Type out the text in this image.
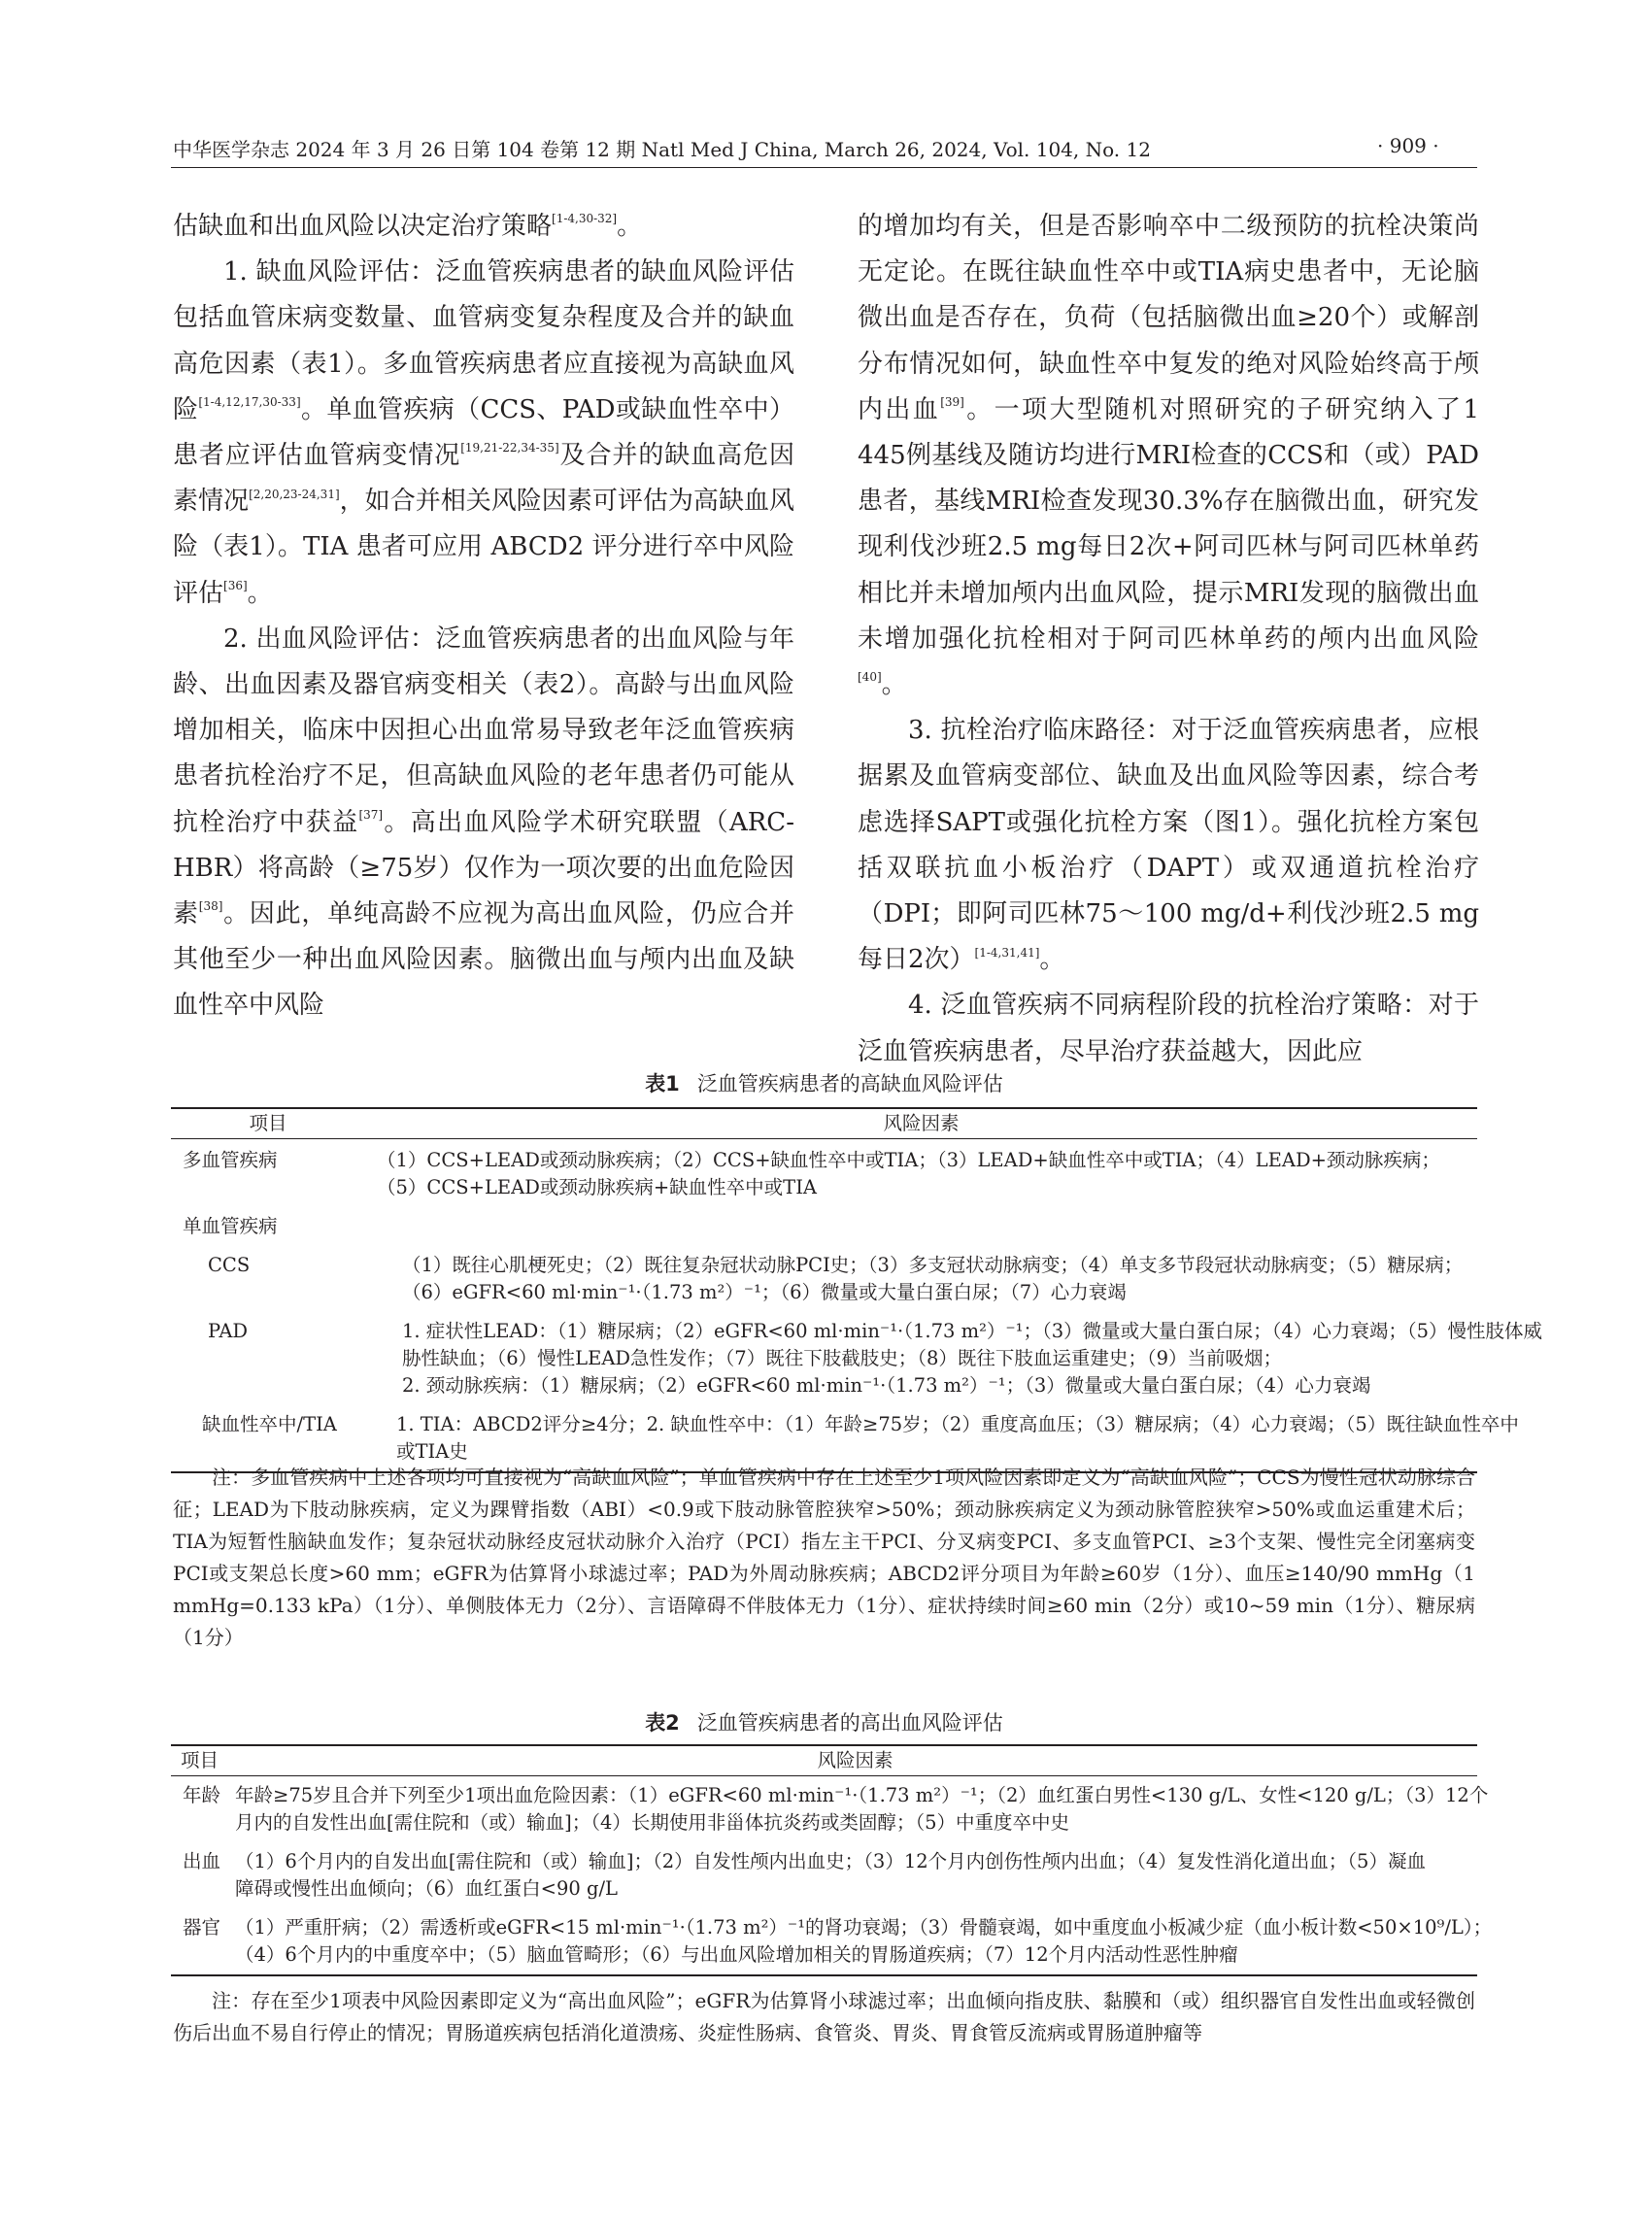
中华医学杂志 2024 年 3 月 26 日第 104 卷第 12 期 Natl Med J China, March 26, 2024, Vol. 104, No. 12	· 909 ·

估缺血和出血风险以决定治疗策略[1-4,30-32]。

1. 缺血风险评估：泛血管疾病患者的缺血风险评估包括血管床病变数量、血管病变复杂程度及合并的缺血高危因素（表1）。多血管疾病患者应直接视为高缺血风险[1-4,12,17,30-33]。单血管疾病（CCS、PAD或缺血性卒中）患者应评估血管病变情况[19,21-22,34-35]及合并的缺血高危因素情况[2,20,23-24,31]，如合并相关风险因素可评估为高缺血风险（表1）。TIA 患者可应用 ABCD2 评分进行卒中风险评估[36]。

2. 出血风险评估：泛血管疾病患者的出血风险与年龄、出血因素及器官病变相关（表2）。高龄与出血风险增加相关，临床中因担心出血常易导致老年泛血管疾病患者抗栓治疗不足，但高缺血风险的老年患者仍可能从抗栓治疗中获益[37]。高出血风险学术研究联盟（ARC-HBR）将高龄（≥75岁）仅作为一项次要的出血危险因素[38]。因此，单纯高龄不应视为高出血风险，仍应合并其他至少一种出血风险因素。脑微出血与颅内出血及缺血性卒中风险

的增加均有关，但是否影响卒中二级预防的抗栓决策尚无定论。在既往缺血性卒中或TIA病史患者中，无论脑微出血是否存在，负荷（包括脑微出血≥20个）或解剖分布情况如何，缺血性卒中复发的绝对风险始终高于颅内出血[39]。一项大型随机对照研究的子研究纳入了1 445例基线及随访均进行MRI检查的CCS和（或）PAD患者，基线MRI检查发现30.3%存在脑微出血，研究发现利伐沙班2.5 mg每日2次+阿司匹林与阿司匹林单药相比并未增加颅内出血风险，提示MRI发现的脑微出血未增加强化抗栓相对于阿司匹林单药的颅内出血风险[40]。

3. 抗栓治疗临床路径：对于泛血管疾病患者，应根据累及血管病变部位、缺血及出血风险等因素，综合考虑选择SAPT或强化抗栓方案（图1）。强化抗栓方案包括双联抗血小板治疗（DAPT）或双通道抗栓治疗（DPI；即阿司匹林75～100 mg/d+利伐沙班2.5 mg每日2次）[1-4,31,41]。

4. 泛血管疾病不同病程阶段的抗栓治疗策略：对于泛血管疾病患者，尽早治疗获益越大，因此应

表1 泛血管疾病患者的高缺血风险评估
项目	风险因素
多血管疾病	（1）CCS+LEAD或颈动脉疾病；（2）CCS+缺血性卒中或TIA；（3）LEAD+缺血性卒中或TIA；（4）LEAD+颈动脉疾病；
（5）CCS+LEAD或颈动脉疾病+缺血性卒中或TIA
单血管疾病
CCS	（1）既往心肌梗死史；（2）既往复杂冠状动脉PCI史；（3）多支冠状动脉病变；（4）单支多节段冠状动脉病变；（5）糖尿病；
（6）eGFR<60 ml·min⁻¹·（1.73 m²）⁻¹；（6）微量或大量白蛋白尿；（7）心力衰竭
PAD	1. 症状性LEAD：（1）糖尿病；（2）eGFR<60 ml·min⁻¹·（1.73 m²）⁻¹；（3）微量或大量白蛋白尿；（4）心力衰竭；（5）慢性肢体威
胁性缺血；（6）慢性LEAD急性发作；（7）既往下肢截肢史；（8）既往下肢血运重建史；（9）当前吸烟；
2. 颈动脉疾病：（1）糖尿病；（2）eGFR<60 ml·min⁻¹·（1.73 m²）⁻¹；（3）微量或大量白蛋白尿；（4）心力衰竭
缺血性卒中/TIA	1. TIA：ABCD2评分≥4分；2. 缺血性卒中：（1）年龄≥75岁；（2）重度高血压；（3）糖尿病；（4）心力衰竭；（5）既往缺血性卒中
或TIA史

注：多血管疾病中上述各项均可直接视为“高缺血风险”；单血管疾病中存在上述至少1项风险因素即定义为“高缺血风险”；CCS为慢性冠状动脉综合征；LEAD为下肢动脉疾病，定义为踝臂指数（ABI）<0.9或下肢动脉管腔狭窄>50%；颈动脉疾病定义为颈动脉管腔狭窄>50%或血运重建术后；TIA为短暂性脑缺血发作；复杂冠状动脉经皮冠状动脉介入治疗（PCI）指左主干PCI、分叉病变PCI、多支血管PCI、≥3个支架、慢性完全闭塞病变PCI或支架总长度>60 mm；eGFR为估算肾小球滤过率；PAD为外周动脉疾病；ABCD2评分项目为年龄≥60岁（1分）、血压≥140/90 mmHg（1 mmHg=0.133 kPa）（1分）、单侧肢体无力（2分）、言语障碍不伴肢体无力（1分）、症状持续时间≥60 min（2分）或10~59 min（1分）、糖尿病（1分）

表2 泛血管疾病患者的高出血风险评估
项目	风险因素
年龄 年龄≥75岁且合并下列至少1项出血危险因素：（1）eGFR<60 ml·min⁻¹·（1.73 m²）⁻¹；（2）血红蛋白男性<130 g/L、女性<120 g/L；（3）12个
月内的自发性出血[需住院和（或）输血]；（4）长期使用非甾体抗炎药或类固醇；（5）中重度卒中史
出血 （1）6个月内的自发出血[需住院和（或）输血]；（2）自发性颅内出血史；（3）12个月内创伤性颅内出血；（4）复发性消化道出血；（5）凝血
障碍或慢性出血倾向；（6）血红蛋白<90 g/L
器官 （1）严重肝病；（2）需透析或eGFR<15 ml·min⁻¹·（1.73 m²）⁻¹的肾功衰竭；（3）骨髓衰竭，如中重度血小板减少症（血小板计数<50×10⁹/L）；
（4）6个月内的中重度卒中；（5）脑血管畸形；（6）与出血风险增加相关的胃肠道疾病；（7）12个月内活动性恶性肿瘤

注：存在至少1项表中风险因素即定义为“高出血风险”；eGFR为估算肾小球滤过率；出血倾向指皮肤、黏膜和（或）组织器官自发性出血或轻微创伤后出血不易自行停止的情况；胃肠道疾病包括消化道溃疡、炎症性肠病、食管炎、胃炎、胃食管反流病或胃肠道肿瘤等
